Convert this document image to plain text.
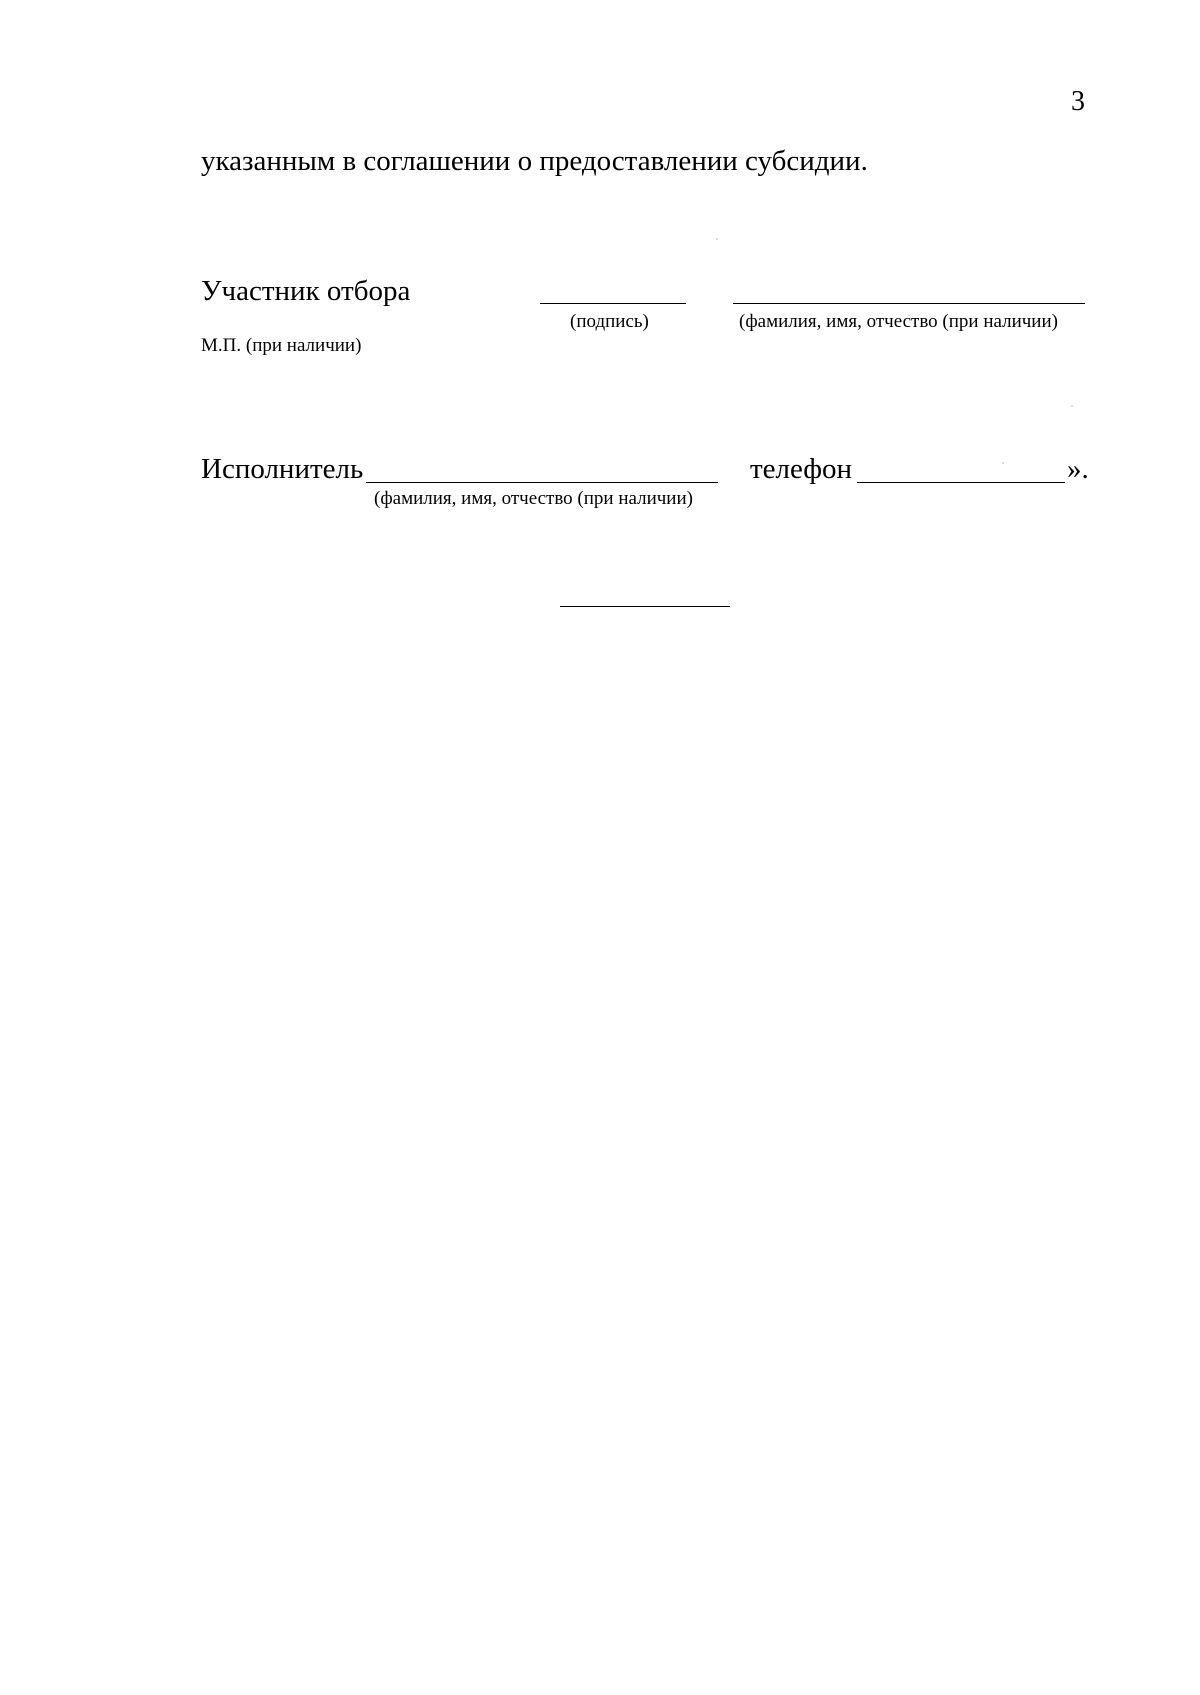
3
указанным в соглашении о предоставлении субсидии.
Участник отбора
(подпись)	(фамилия, имя, отчество (при наличии)
М.П. (при наличии)
Исполнитель
(фамилия, имя, отчество (при наличии)
телефон	».
